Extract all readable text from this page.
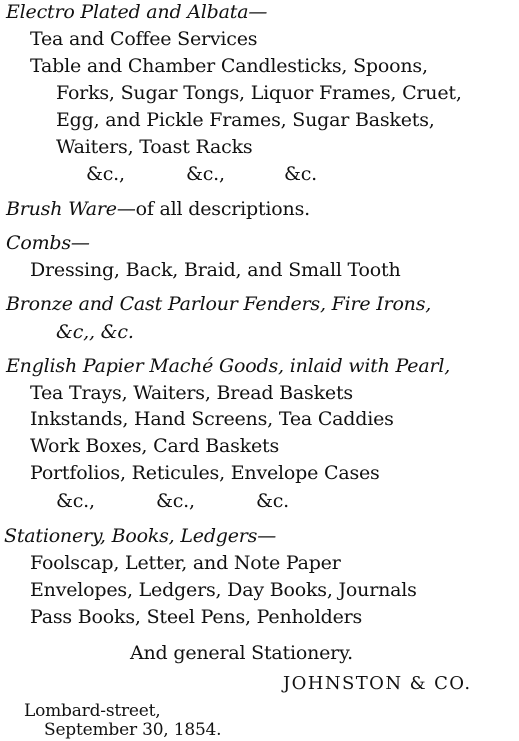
Electro Plated and Albata—
Tea and Coffee Services
Table and Chamber Candlesticks, Spoons,
Forks, Sugar Tongs, Liquor Frames, Cruet,
Egg, and Pickle Frames, Sugar Baskets,
Waiters, Toast Racks
&c.,	&c.,	&c.
Brush Ware—of all descriptions.
Combs—
Dressing, Back, Braid, and Small Tooth
Bronze and Cast Parlour Fenders, Fire Irons,
&c,, &c.
English Papier Maché Goods, inlaid with Pearl,
Tea Trays, Waiters, Bread Baskets
Inkstands, Hand Screens, Tea Caddies
Work Boxes, Card Baskets
Portfolios, Reticules, Envelope Cases
&c.,	&c.,	&c.
Stationery, Books, Ledgers—
Foolscap, Letter, and Note Paper
Envelopes, Ledgers, Day Books, Journals
Pass Books, Steel Pens, Penholders
And general Stationery.
JOHNSTON & CO.
Lombard-street,
September 30, 1854.
